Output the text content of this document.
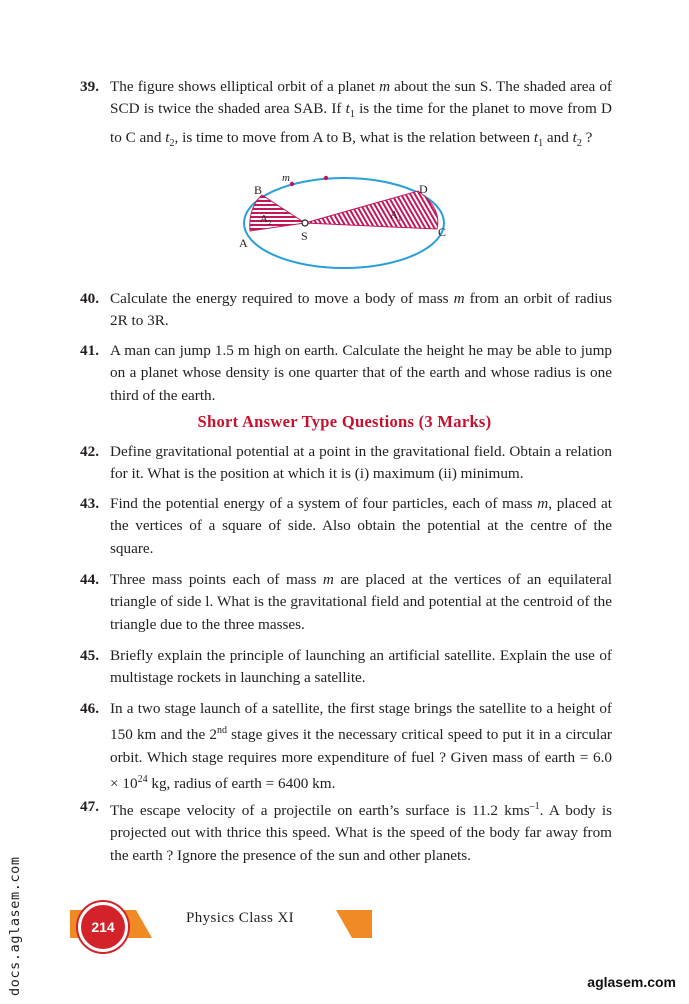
39. The figure shows elliptical orbit of a planet m about the sun S. The shaded area of SCD is twice the shaded area SAB. If $t_1$ is the time for the planet to move from D to C and $t_2$, is time to move from A to B, what is the relation between $t_1$ and $t_2$ ?
m
B
A	S
D
C
A 2
A 1
40. Calculate the energy required to move a body of mass m from an orbit of radius 2R to 3R.
41. A man can jump 1.5 m high on earth. Calculate the height he may be able to jump on a planet whose density is one quarter that of the earth and whose radius is one third of the earth.
Short Answer Type Questions (3 Marks)
42. Define gravitational potential at a point in the gravitational field. Obtain a relation for it. What is the position at which it is (i) maximum (ii) minimum.
43. Find the potential energy of a system of four particles, each of mass m, placed at the vertices of a square of side. Also obtain the potential at the centre of the square.
44. Three mass points each of mass m are placed at the vertices of an equilateral triangle of side l. What is the gravitational field and potential at the centroid of the triangle due to the three masses.
45. Briefly explain the principle of launching an artificial satellite. Explain the use of multistage rockets in launching a satellite.
46. In a two stage launch of a satellite, the first stage brings the satellite to a height of 150 km and the 2nd stage gives it the necessary critical speed to put it in a circular orbit. Which stage requires more expenditure of fuel ? Given mass of earth = $6.0 \times 10^{24}$ kg, radius of earth = 6400 km.
47. The escape velocity of a projectile on earth’s surface is 11.2 kms$^{-1}$. A body is projected out with thrice this speed. What is the speed of the body far away from the earth ? Ignore the presence of the sun and other planets.
214
Physics Class XI
docs.aglasem.com	aglasem.com
